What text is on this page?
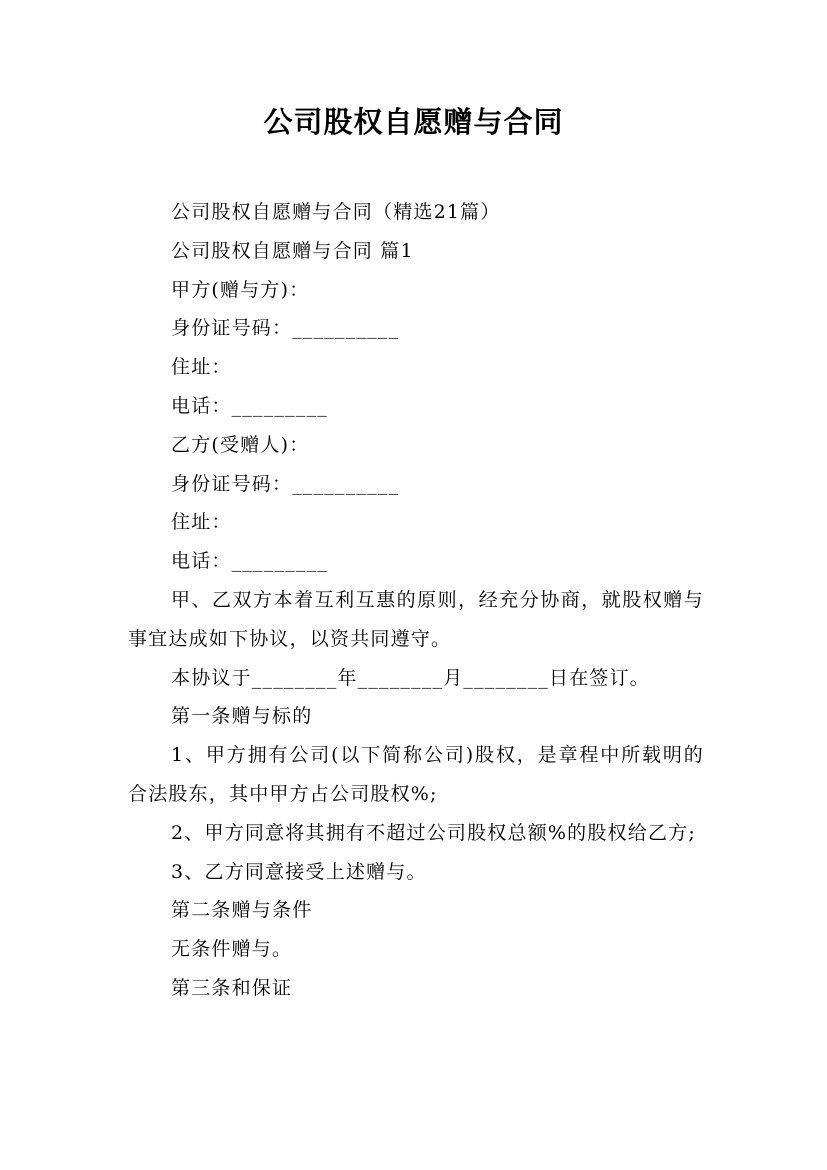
公司股权自愿赠与合同

公司股权自愿赠与合同（精选21篇）

公司股权自愿赠与合同 篇1

甲方(赠与方)：

身份证号码：__________

住址：

电话：_________

乙方(受赠人)：

身份证号码：__________

住址：

电话：_________

甲、乙双方本着互利互惠的原则，经充分协商，就股权赠与事宜达成如下协议，以资共同遵守。

本协议于________年________月________日在签订。

第一条赠与标的

1、甲方拥有公司(以下简称公司)股权，是章程中所载明的合法股东，其中甲方占公司股权%;

2、甲方同意将其拥有不超过公司股权总额%的股权给乙方;

3、乙方同意接受上述赠与。

第二条赠与条件

无条件赠与。

第三条和保证
